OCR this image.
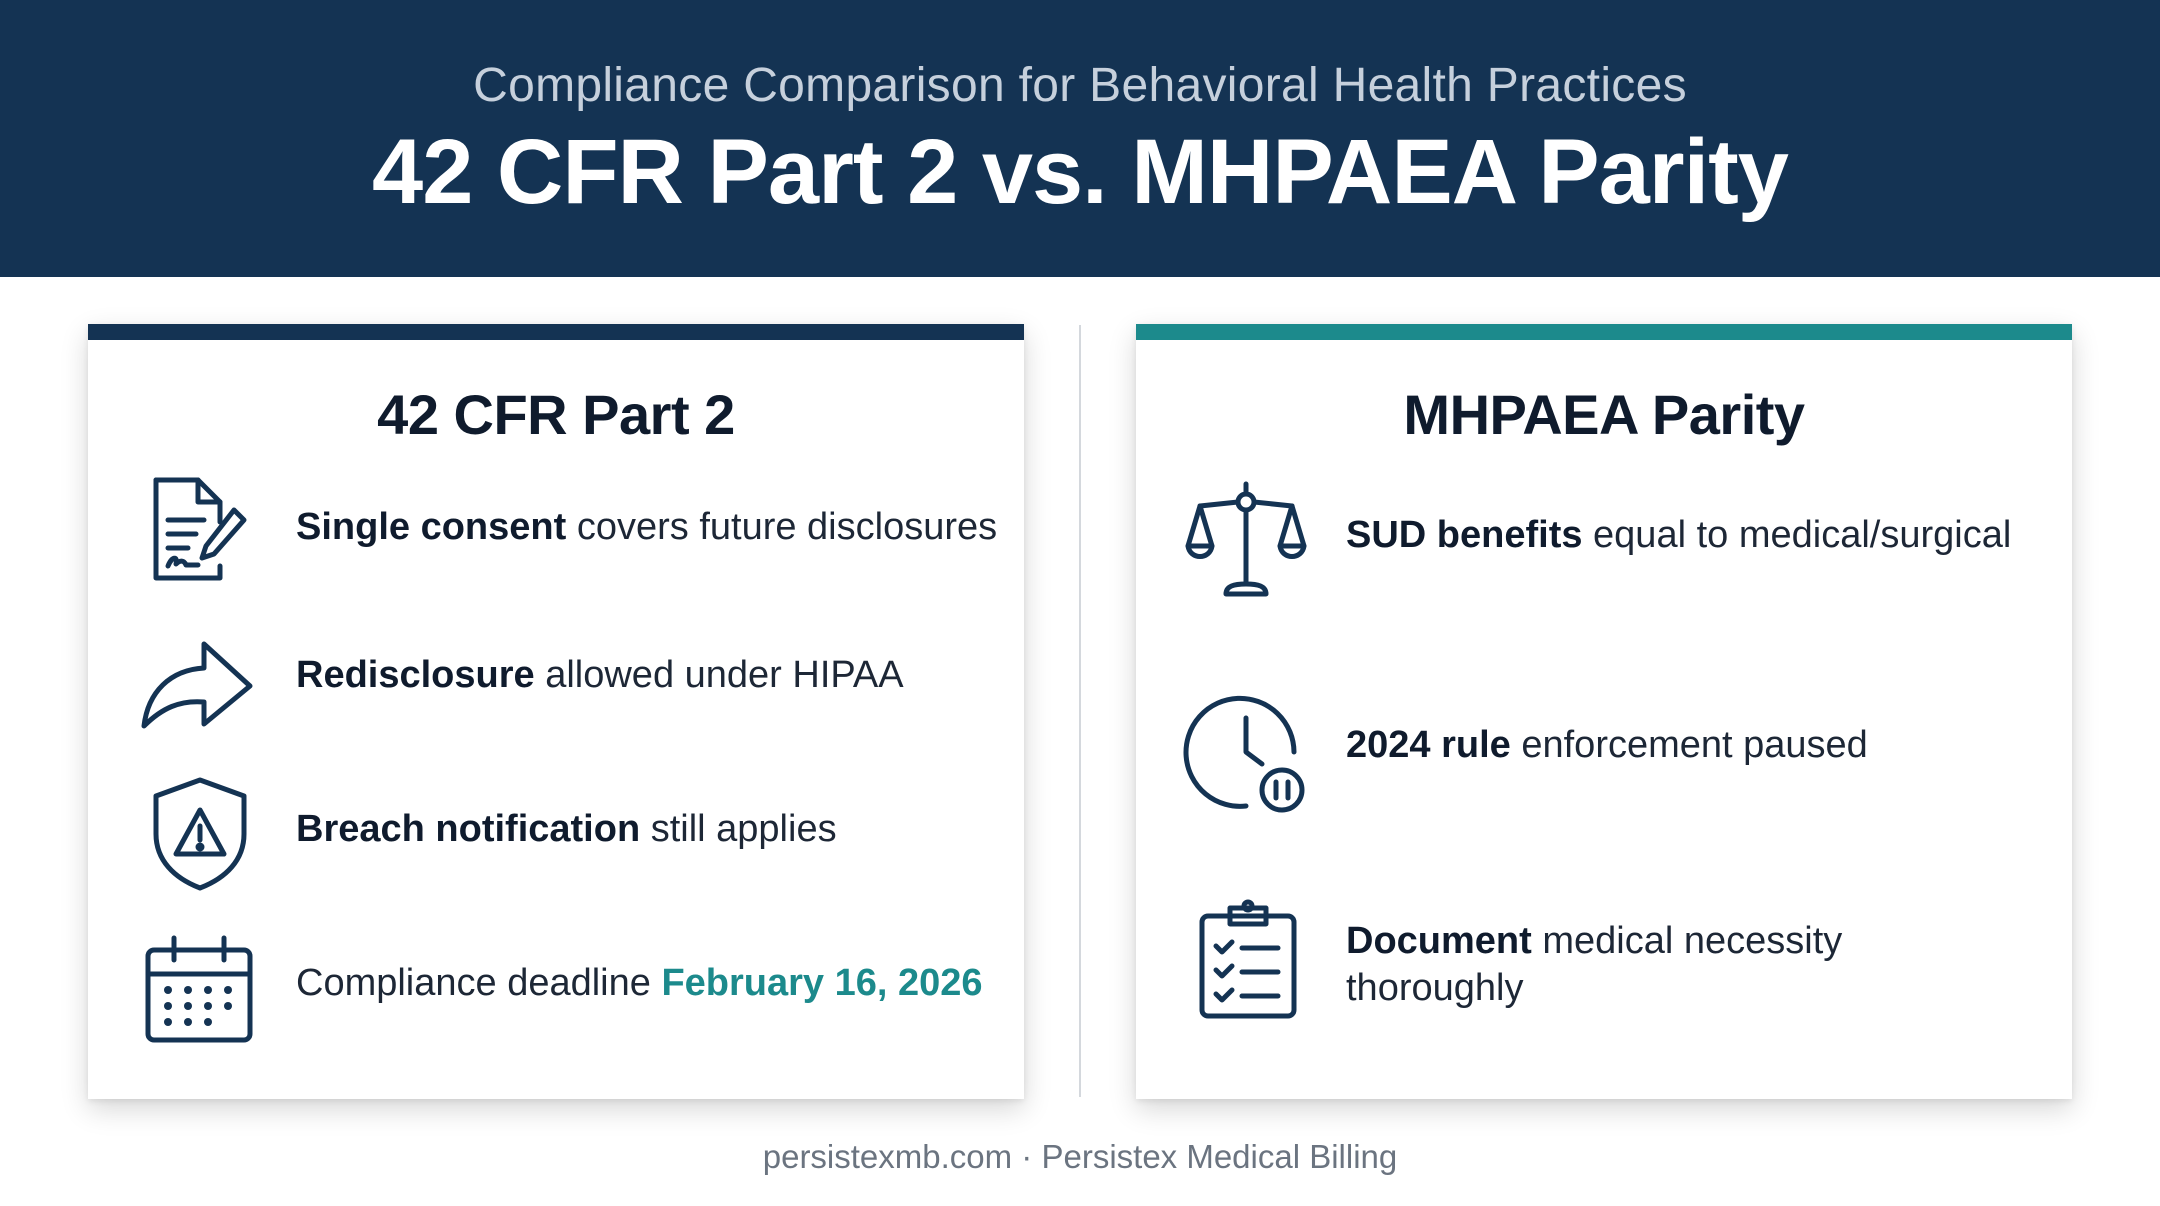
Compliance Comparison for Behavioral Health Practices
42 CFR Part 2 vs. MHPAEA Parity
42 CFR Part 2
Single consent covers future disclosures
Redisclosure allowed under HIPAA
Breach notification still applies
Compliance deadline February 16, 2026
MHPAEA Parity
SUD benefits equal to medical/surgical
2024 rule enforcement paused
Document medical necessity thoroughly
persistexmb.com · Persistex Medical Billing
